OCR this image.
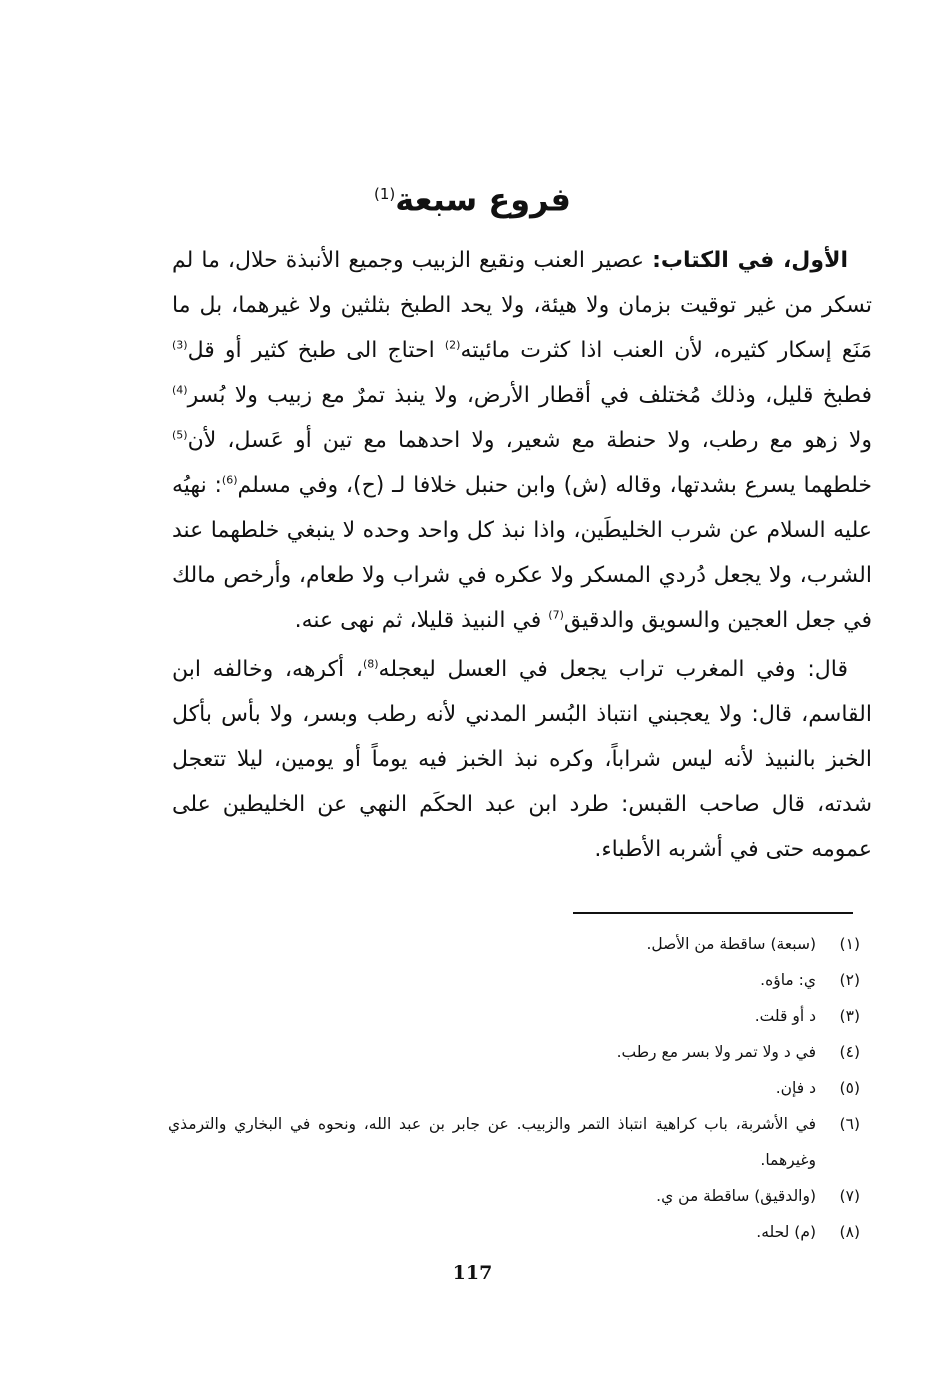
فروع سبعة$^{(1)}$

الأول، في الكتاب: عصير العنب ونقيع الزبيب وجميع الأنبذة حلال، ما لم تسكر من غير توقيت بزمان ولا هيئة، ولا يحد الطبخ بثلثين ولا غيرهما، بل ما مَنَع إسكار كثيره، لأن العنب اذا كثرت مائيته$^{(2)}$ احتاج الى طبخ كثير أو قل$^{(3)}$ فطبخ قليل، وذلك مُختلف في أقطار الأرض، ولا ينبذ تمرٌ مع زبيب ولا بُسر$^{(4)}$ ولا زهو مع رطب، ولا حنطة مع شعير، ولا احدهما مع تين أو عَسل، لأن$^{(5)}$ خلطهما يسرع بشدتها، وقاله (ش) وابن حنبل خلافا لـ (ح)، وفي مسلم$^{(6)}$: نهيُه عليه السلام عن شرب الخليطَين، واذا نبذ كل واحد وحده لا ينبغي خلطهما عند الشرب، ولا يجعل دُردي المسكر ولا عكره في شراب ولا طعام، وأرخص مالك في جعل العجين والسويق والدقيق$^{(7)}$ في النبيذ قليلا، ثم نهى عنه.

قال: وفي المغرب تراب يجعل في العسل ليعجله$^{(8)}$، أكرهه، وخالفه ابن القاسم، قال: ولا يعجبني انتباذ البُسر المدني لأنه رطب وبسر، ولا بأس بأكل الخبز بالنبيذ لأنه ليس شراباً، وكره نبذ الخبز فيه يوماً أو يومين، ليلا تتعجل شدته، قال صاحب القبس: طرد ابن عبد الحكَم النهي عن الخليطين على عمومه حتى في أشربه الأطباء.

(١)
(سبعة) ساقطة من الأصل.
(٢)
ي: ماؤه.
(٣)
د أو قلت.
(٤)
في د ولا تمر ولا بسر مع رطب.
(٥)
د فإن.
(٦)
في الأشربة، باب كراهية انتباذ التمر والزبيب. عن جابر بن عبد الله، ونحوه في البخاري والترمذي وغيرهما.
(٧)
(والدقيق) ساقطة من ي.
(٨)
(م) لحله.
117
